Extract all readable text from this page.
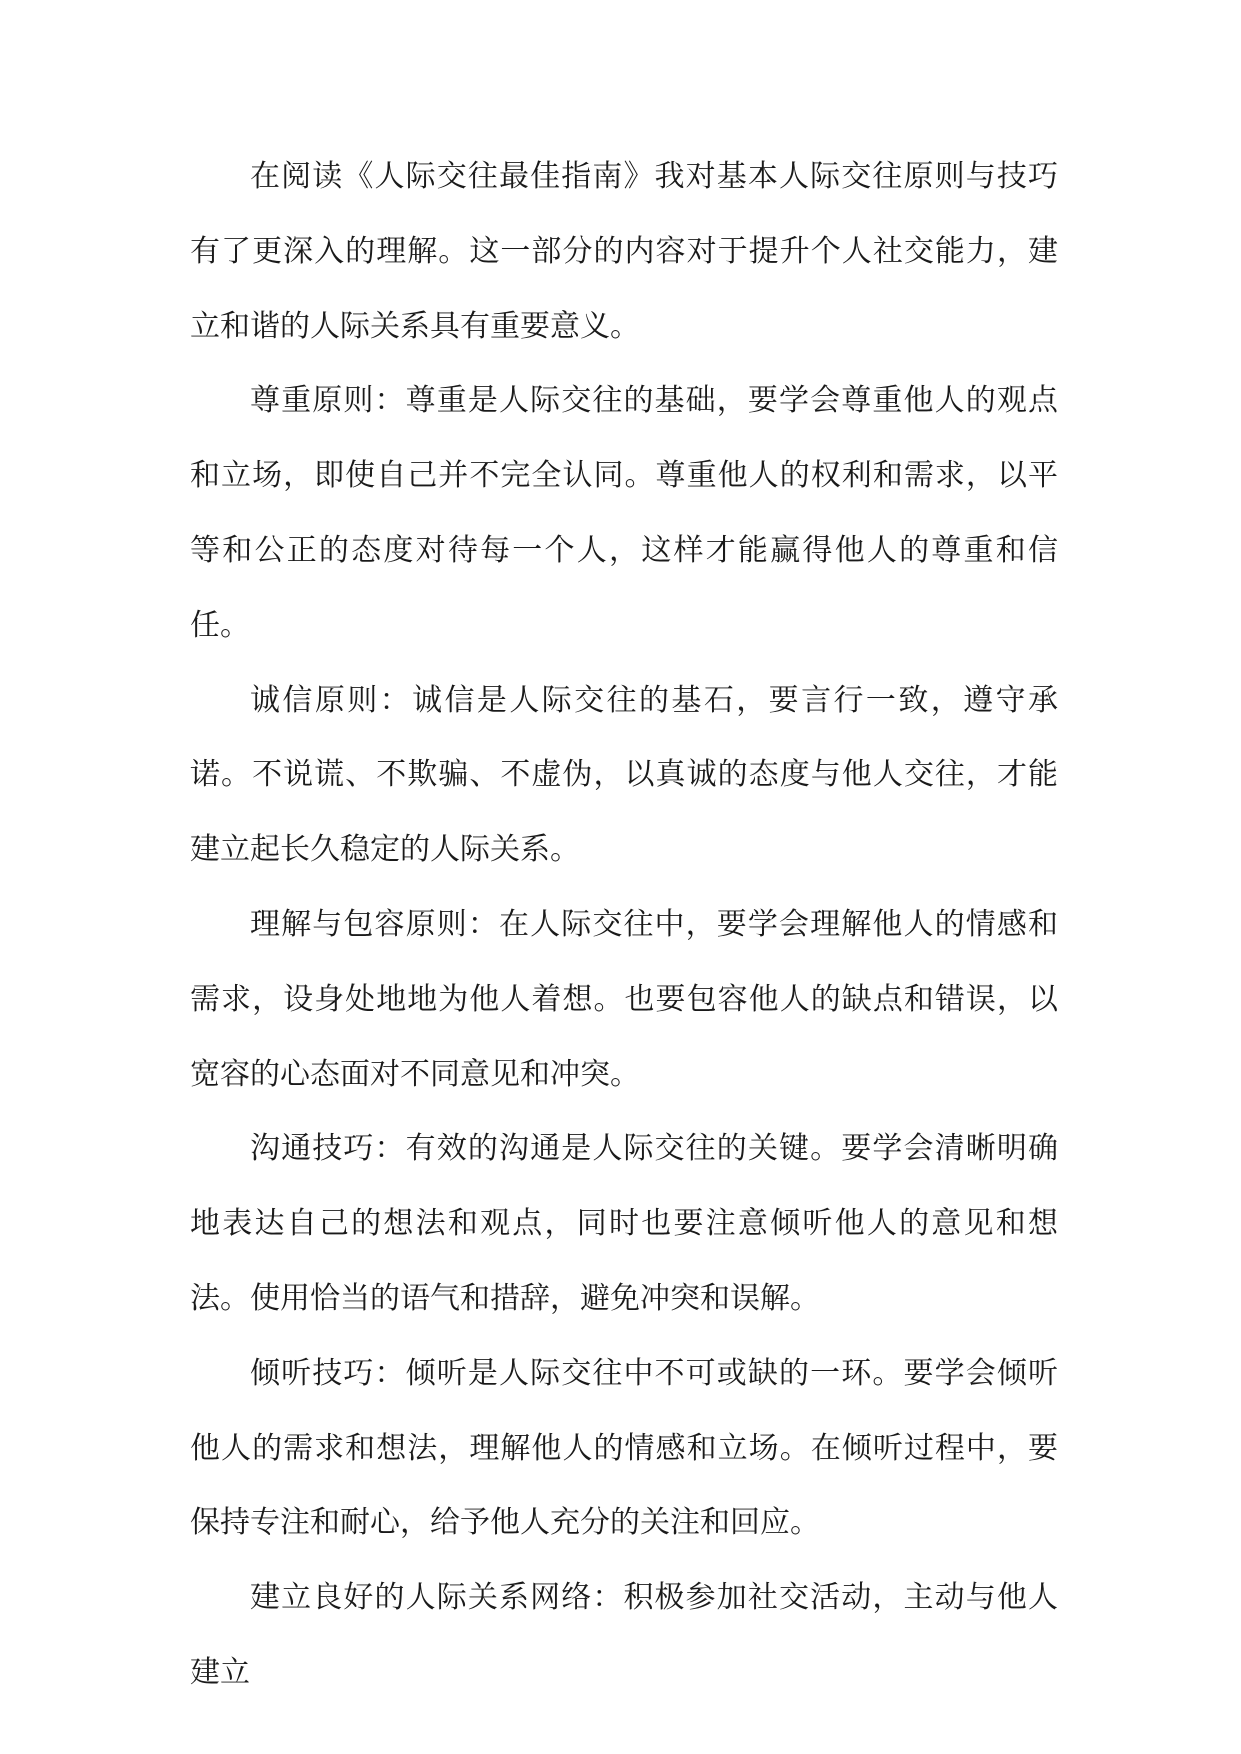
在阅读《人际交往最佳指南》我对基本人际交往原则与技巧有了更深入的理解。这一部分的内容对于提升个人社交能力，建立和谐的人际关系具有重要意义。

尊重原则：尊重是人际交往的基础，要学会尊重他人的观点和立场，即使自己并不完全认同。尊重他人的权利和需求，以平等和公正的态度对待每一个人，这样才能赢得他人的尊重和信任。

诚信原则：诚信是人际交往的基石，要言行一致，遵守承诺。不说谎、不欺骗、不虚伪，以真诚的态度与他人交往，才能建立起长久稳定的人际关系。

理解与包容原则：在人际交往中，要学会理解他人的情感和需求，设身处地地为他人着想。也要包容他人的缺点和错误，以宽容的心态面对不同意见和冲突。

沟通技巧：有效的沟通是人际交往的关键。要学会清晰明确地表达自己的想法和观点，同时也要注意倾听他人的意见和想法。使用恰当的语气和措辞，避免冲突和误解。

倾听技巧：倾听是人际交往中不可或缺的一环。要学会倾听他人的需求和想法，理解他人的情感和立场。在倾听过程中，要保持专注和耐心，给予他人充分的关注和回应。

建立良好的人际关系网络：积极参加社交活动，主动与他人建立
